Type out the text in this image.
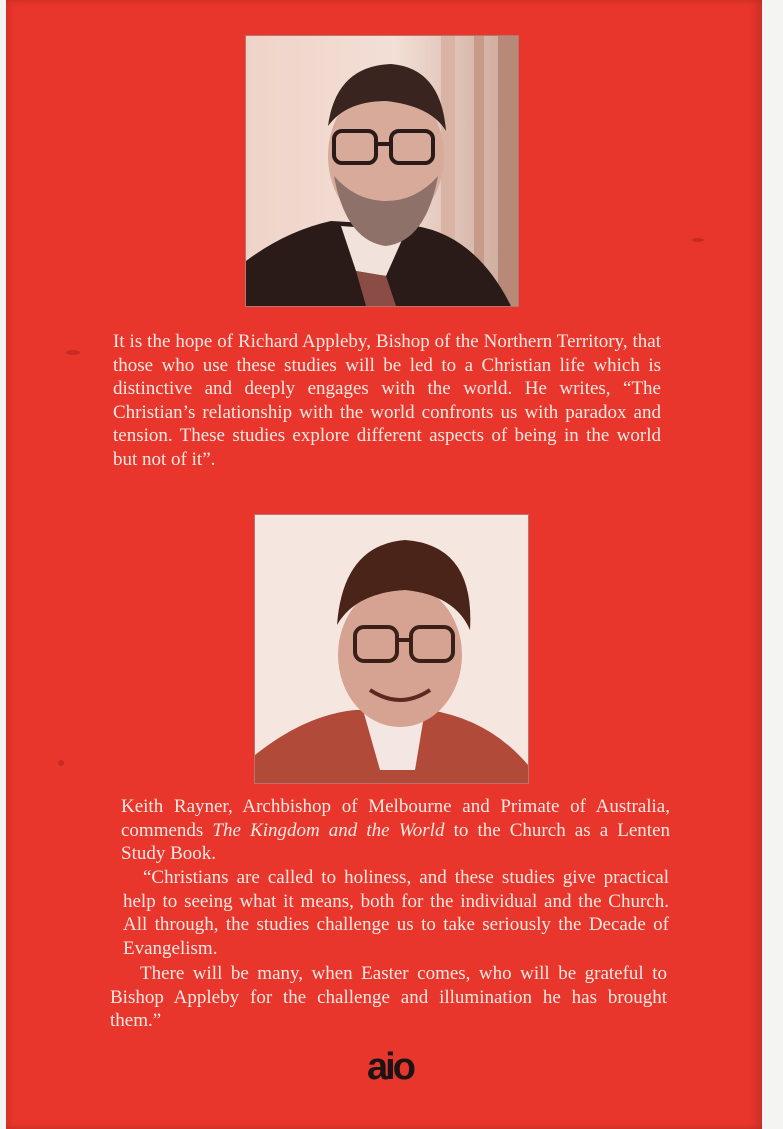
It is the hope of Richard Appleby, Bishop of the Northern Territory, that those who use these studies will be led to a Christian life which is distinctive and deeply engages with the world. He writes, “The Christian’s relationship with the world confronts us with paradox and tension. These studies explore different aspects of being in the world but not of it”.

Keith Rayner, Archbishop of Melbourne and Primate of Australia, commends The Kingdom and the World to the Church as a Lenten Study Book.

“Christians are called to holiness, and these studies give practical help to seeing what it means, both for the individual and the Church. All through, the studies challenge us to take seriously the Decade of Evangelism.

There will be many, when Easter comes, who will be grateful to Bishop Appleby for the challenge and illumination he has brought them.”

aio
